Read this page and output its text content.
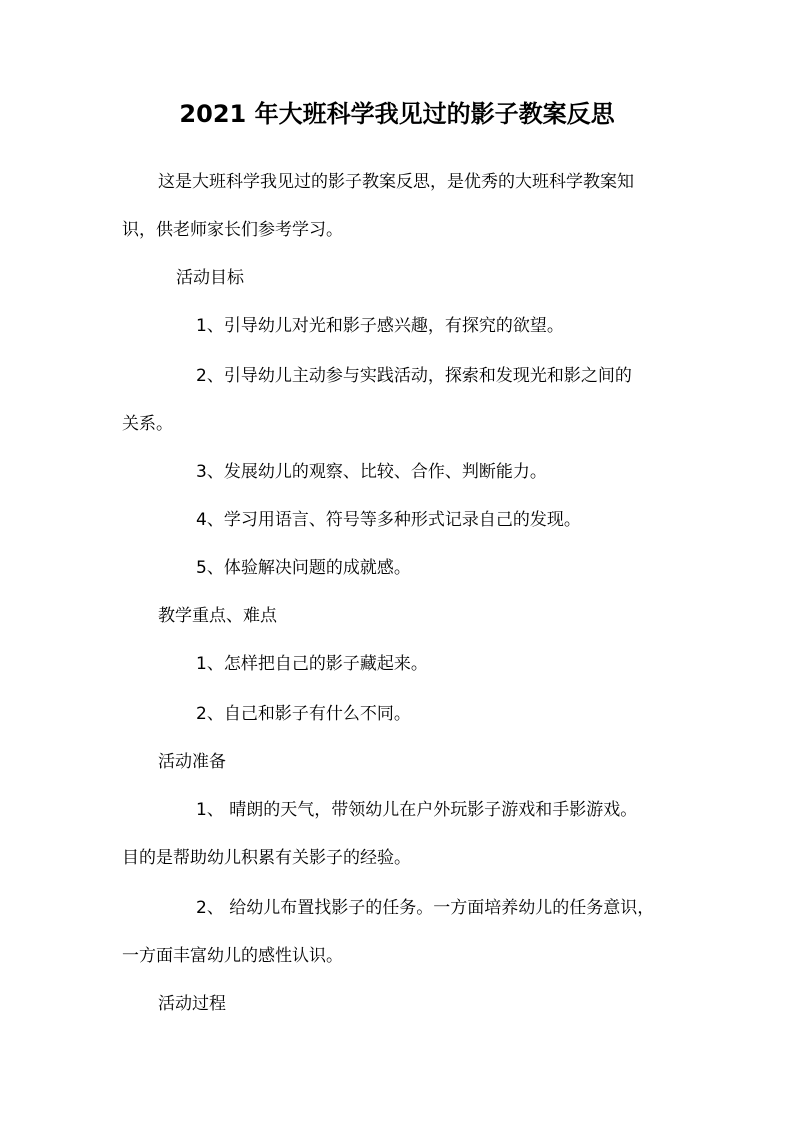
2021 年大班科学我见过的影子教案反思
这是大班科学我见过的影子教案反思，是优秀的大班科学教案知
识，供老师家长们参考学习。
活动目标
1、引导幼儿对光和影子感兴趣，有探究的欲望。
2、引导幼儿主动参与实践活动，探索和发现光和影之间的
关系。
3、发展幼儿的观察、比较、合作、判断能力。
4、学习用语言、符号等多种形式记录自己的发现。
5、体验解决问题的成就感。
教学重点、难点
1、怎样把自己的影子藏起来。
2、自己和影子有什么不同。
活动准备
1、 晴朗的天气，带领幼儿在户外玩影子游戏和手影游戏。
目的是帮助幼儿积累有关影子的经验。
2、 给幼儿布置找影子的任务。一方面培养幼儿的任务意识，
一方面丰富幼儿的感性认识。
活动过程
